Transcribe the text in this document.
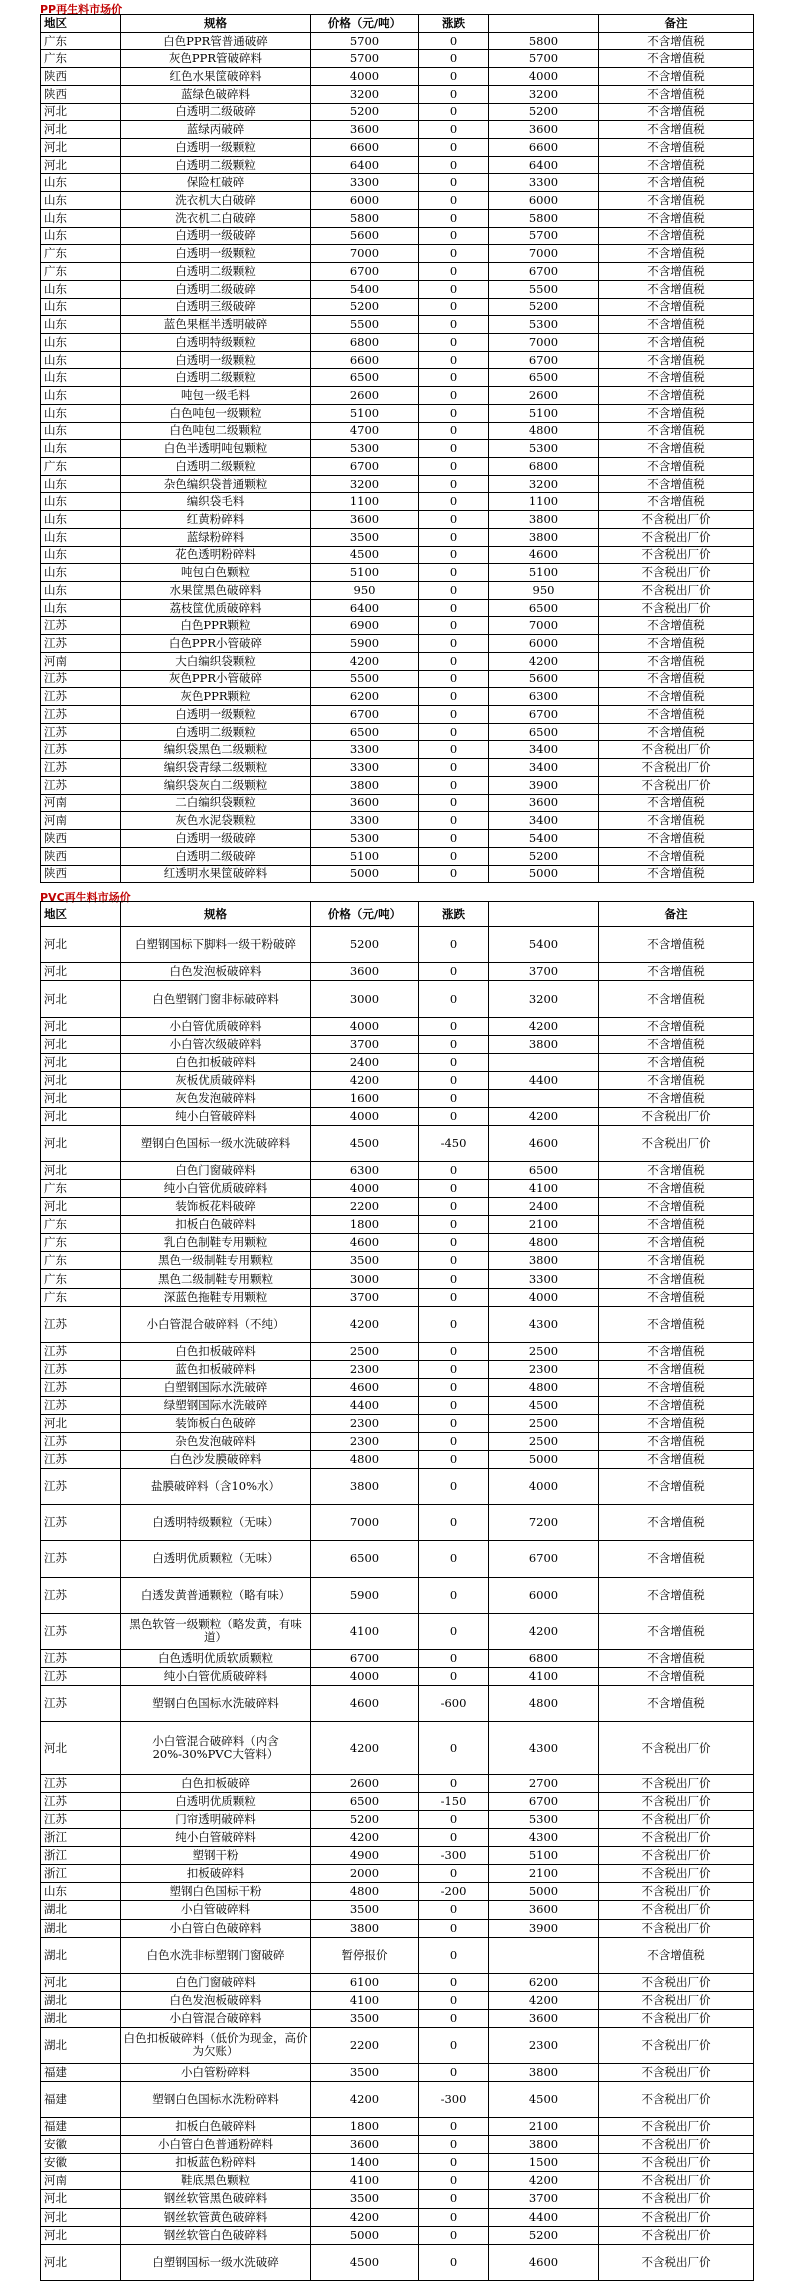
PP再生料市场价
地区	规格	价格（元/吨）	涨跌		备注
广东	白色PPR管普通破碎	5700	0	5800	不含增值税
广东	灰色PPR管破碎料	5700	0	5700	不含增值税
陕西	红色水果筐破碎料	4000	0	4000	不含增值税
陕西	蓝绿色破碎料	3200	0	3200	不含增值税
河北	白透明二级破碎	5200	0	5200	不含增值税
河北	蓝绿丙破碎	3600	0	3600	不含增值税
河北	白透明一级颗粒	6600	0	6600	不含增值税
河北	白透明二级颗粒	6400	0	6400	不含增值税
山东	保险杠破碎	3300	0	3300	不含增值税
山东	洗衣机大白破碎	6000	0	6000	不含增值税
山东	洗衣机二白破碎	5800	0	5800	不含增值税
山东	白透明一级破碎	5600	0	5700	不含增值税
广东	白透明一级颗粒	7000	0	7000	不含增值税
广东	白透明二级颗粒	6700	0	6700	不含增值税
山东	白透明二级破碎	5400	0	5500	不含增值税
山东	白透明三级破碎	5200	0	5200	不含增值税
山东	蓝色果框半透明破碎	5500	0	5300	不含增值税
山东	白透明特级颗粒	6800	0	7000	不含增值税
山东	白透明一级颗粒	6600	0	6700	不含增值税
山东	白透明二级颗粒	6500	0	6500	不含增值税
山东	吨包一级毛料	2600	0	2600	不含增值税
山东	白色吨包一级颗粒	5100	0	5100	不含增值税
山东	白色吨包二级颗粒	4700	0	4800	不含增值税
山东	白色半透明吨包颗粒	5300	0	5300	不含增值税
广东	白透明二级颗粒	6700	0	6800	不含增值税
山东	杂色编织袋普通颗粒	3200	0	3200	不含增值税
山东	编织袋毛料	1100	0	1100	不含增值税
山东	红黄粉碎料	3600	0	3800	不含税出厂价
山东	蓝绿粉碎料	3500	0	3800	不含税出厂价
山东	花色透明粉碎料	4500	0	4600	不含税出厂价
山东	吨包白色颗粒	5100	0	5100	不含税出厂价
山东	水果筐黑色破碎料	950	0	950	不含税出厂价
山东	荔枝筐优质破碎料	6400	0	6500	不含税出厂价
江苏	白色PPR颗粒	6900	0	7000	不含增值税
江苏	白色PPR小管破碎	5900	0	6000	不含增值税
河南	大白编织袋颗粒	4200	0	4200	不含增值税
江苏	灰色PPR小管破碎	5500	0	5600	不含增值税
江苏	灰色PPR颗粒	6200	0	6300	不含增值税
江苏	白透明一级颗粒	6700	0	6700	不含增值税
江苏	白透明二级颗粒	6500	0	6500	不含增值税
江苏	编织袋黑色二级颗粒	3300	0	3400	不含税出厂价
江苏	编织袋青绿二级颗粒	3300	0	3400	不含税出厂价
江苏	编织袋灰白二级颗粒	3800	0	3900	不含税出厂价
河南	二白编织袋颗粒	3600	0	3600	不含增值税
河南	灰色水泥袋颗粒	3300	0	3400	不含增值税
陕西	白透明一级破碎	5300	0	5400	不含增值税
陕西	白透明二级破碎	5100	0	5200	不含增值税
陕西	红透明水果筐破碎料	5000	0	5000	不含增值税
PVC再生料市场价
地区	规格	价格（元/吨）	涨跌		备注
河北	白塑钢国标下脚料一级干粉破碎	5200	0	5400	不含增值税
河北	白色发泡板破碎料	3600	0	3700	不含增值税
河北	白色塑钢门窗非标破碎料	3000	0	3200	不含增值税
河北	小白管优质破碎料	4000	0	4200	不含增值税
河北	小白管次级破碎料	3700	0	3800	不含增值税
河北	白色扣板破碎料	2400	0		不含增值税
河北	灰板优质破碎料	4200	0	4400	不含增值税
河北	灰色发泡破碎料	1600	0		不含增值税
河北	纯小白管破碎料	4000	0	4200	不含税出厂价
河北	塑钢白色国标一级水洗破碎料	4500	-450	4600	不含税出厂价
河北	白色门窗破碎料	6300	0	6500	不含增值税
广东	纯小白管优质破碎料	4000	0	4100	不含增值税
河北	装饰板花料破碎	2200	0	2400	不含增值税
广东	扣板白色破碎料	1800	0	2100	不含增值税
广东	乳白色制鞋专用颗粒	4600	0	4800	不含增值税
广东	黑色一级制鞋专用颗粒	3500	0	3800	不含增值税
广东	黑色二级制鞋专用颗粒	3000	0	3300	不含增值税
广东	深蓝色拖鞋专用颗粒	3700	0	4000	不含增值税
江苏	小白管混合破碎料（不纯）	4200	0	4300	不含增值税
江苏	白色扣板破碎料	2500	0	2500	不含增值税
江苏	蓝色扣板破碎料	2300	0	2300	不含增值税
江苏	白塑钢国际水洗破碎	4600	0	4800	不含增值税
江苏	绿塑钢国际水洗破碎	4400	0	4500	不含增值税
河北	装饰板白色破碎	2300	0	2500	不含增值税
江苏	杂色发泡破碎料	2300	0	2500	不含增值税
江苏	白色沙发膜破碎料	4800	0	5000	不含增值税
江苏	盐膜破碎料（含10%水）	3800	0	4000	不含增值税
江苏	白透明特级颗粒（无味）	7000	0	7200	不含增值税
江苏	白透明优质颗粒（无味）	6500	0	6700	不含增值税
江苏	白透发黄普通颗粒（略有味）	5900	0	6000	不含增值税
江苏	黑色软管一级颗粒（略发黄，有味道）	4100	0	4200	不含增值税
江苏	白色透明优质软质颗粒	6700	0	6800	不含增值税
江苏	纯小白管优质破碎料	4000	0	4100	不含增值税
江苏	塑钢白色国标水洗破碎料	4600	-600	4800	不含增值税
河北	小白管混合破碎料（内含20%-30%PVC大管料）	4200	0	4300	不含税出厂价
江苏	白色扣板破碎	2600	0	2700	不含税出厂价
江苏	白透明优质颗粒	6500	-150	6700	不含税出厂价
江苏	门帘透明破碎料	5200	0	5300	不含税出厂价
浙江	纯小白管破碎料	4200	0	4300	不含税出厂价
浙江	塑钢干粉	4900	-300	5100	不含税出厂价
浙江	扣板破碎料	2000	0	2100	不含税出厂价
山东	塑钢白色国标干粉	4800	-200	5000	不含税出厂价
湖北	小白管破碎料	3500	0	3600	不含税出厂价
湖北	小白管白色破碎料	3800	0	3900	不含税出厂价
湖北	白色水洗非标塑钢门窗破碎	暂停报价	0		不含增值税
河北	白色门窗破碎料	6100	0	6200	不含税出厂价
湖北	白色发泡板破碎料	4100	0	4200	不含税出厂价
湖北	小白管混合破碎料	3500	0	3600	不含税出厂价
湖北	白色扣板破碎料（低价为现金，高价为欠账）	2200	0	2300	不含税出厂价
福建	小白管粉碎料	3500	0	3800	不含税出厂价
福建	塑钢白色国标水洗粉碎料	4200	-300	4500	不含税出厂价
福建	扣板白色破碎料	1800	0	2100	不含税出厂价
安徽	小白管白色普通粉碎料	3600	0	3800	不含税出厂价
安徽	扣板蓝色粉碎料	1400	0	1500	不含税出厂价
河南	鞋底黑色颗粒	4100	0	4200	不含税出厂价
河北	钢丝软管黑色破碎料	3500	0	3700	不含税出厂价
河北	钢丝软管黄色破碎料	4200	0	4400	不含税出厂价
河北	钢丝软管白色破碎料	5000	0	5200	不含税出厂价
河北	白塑钢国标一级水洗破碎	4500	0	4600	不含税出厂价
